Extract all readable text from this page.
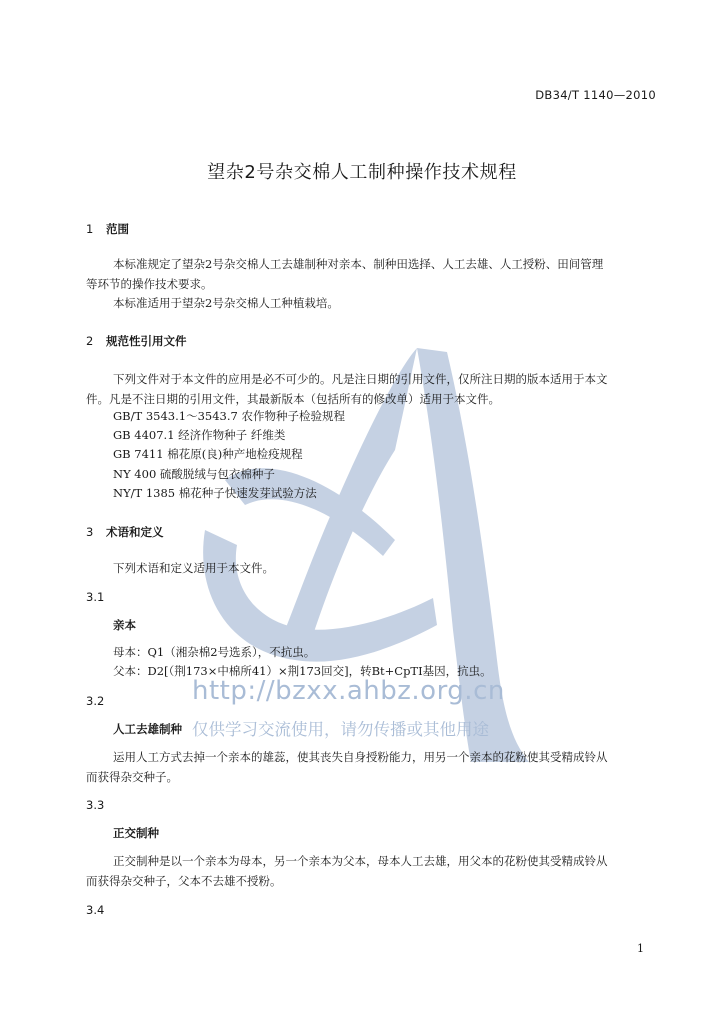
DB34/T 1140—2010
望杂2号杂交棉人工制种操作技术规程
1 范围
本标准规定了望杂2号杂交棉人工去雄制种对亲本、制种田选择、人工去雄、人工授粉、田间管理
等环节的操作技术要求。
本标准适用于望杂2号杂交棉人工种植栽培。
2 规范性引用文件
下列文件对于本文件的应用是必不可少的。凡是注日期的引用文件，仅所注日期的版本适用于本文
件。凡是不注日期的引用文件，其最新版本（包括所有的修改单）适用于本文件。
GB/T 3543.1～3543.7 农作物种子检验规程
GB 4407.1 经济作物种子 纤维类
GB 7411 棉花原(良)种产地检疫规程
NY 400 硫酸脱绒与包衣棉种子
NY/T 1385 棉花种子快速发芽试验方法
3 术语和定义
下列术语和定义适用于本文件。
3.1
亲本
母本：Q1（湘杂棉2号选系），不抗虫。
父本：D2[（荆173×中棉所41）×荆173回交]，转Bt+CpTI基因，抗虫。
3.2
人工去雄制种
运用人工方式去掉一个亲本的雄蕊，使其丧失自身授粉能力，用另一个亲本的花粉使其受精成铃从
而获得杂交种子。
3.3
正交制种
正交制种是以一个亲本为母本，另一个亲本为父本，母本人工去雄，用父本的花粉使其受精成铃从
而获得杂交种子，父本不去雄不授粉。
3.4
http://bzxx.ahbz.org.cn
仅供学习交流使用，请勿传播或其他用途
1
